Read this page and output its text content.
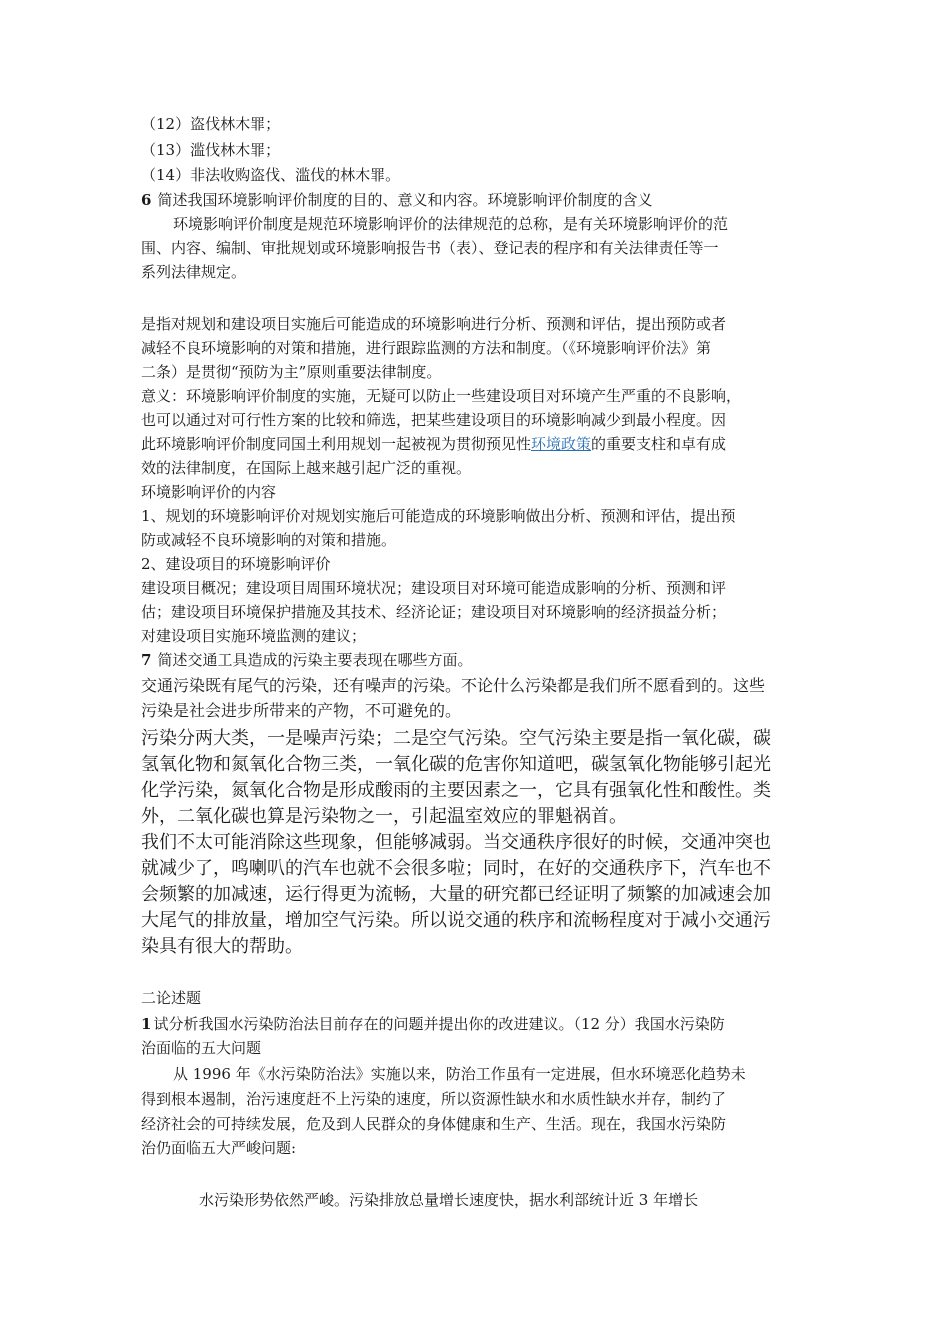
（12）盗伐林木罪；
（13）滥伐林木罪；
（14）非法收购盗伐、滥伐的林木罪。
6 简述我国环境影响评价制度的目的、意义和内容。环境影响评价制度的含义
环境影响评价制度是规范环境影响评价的法律规范的总称，是有关环境影响评价的范
围、内容、编制、审批规划或环境影响报告书（表）、登记表的程序和有关法律责任等一
系列法律规定。
是指对规划和建设项目实施后可能造成的环境影响进行分析、预测和评估，提出预防或者
减轻不良环境影响的对策和措施，进行跟踪监测的方法和制度。（《环境影响评价法》第
二条）是贯彻“预防为主”原则重要法律制度。
意义：环境影响评价制度的实施，无疑可以防止一些建设项目对环境产生严重的不良影响，
也可以通过对可行性方案的比较和筛选，把某些建设项目的环境影响减少到最小程度。因
此环境影响评价制度同国土利用规划一起被视为贯彻预见性环境政策的重要支柱和卓有成
效的法律制度，在国际上越来越引起广泛的重视。
环境影响评价的内容
1、规划的环境影响评价对规划实施后可能造成的环境影响做出分析、预测和评估，提出预
防或减轻不良环境影响的对策和措施。
2、建设项目的环境影响评价
建设项目概况；建设项目周围环境状况；建设项目对环境可能造成影响的分析、预测和评
估；建设项目环境保护措施及其技术、经济论证；建设项目对环境影响的经济损益分析；
对建设项目实施环境监测的建议；
7 简述交通工具造成的污染主要表现在哪些方面。
交通污染既有尾气的污染，还有噪声的污染。不论什么污染都是我们所不愿看到的。这些
污染是社会进步所带来的产物，不可避免的。
污染分两大类，一是噪声污染；二是空气污染。空气污染主要是指一氧化碳，碳
氢氧化物和氮氧化合物三类，一氧化碳的危害你知道吧，碳氢氧化物能够引起光
化学污染，氮氧化合物是形成酸雨的主要因素之一，它具有强氧化性和酸性。类
外，二氧化碳也算是污染物之一，引起温室效应的罪魁祸首。
我们不太可能消除这些现象，但能够减弱。当交通秩序很好的时候，交通冲突也
就减少了，鸣喇叭的汽车也就不会很多啦；同时，在好的交通秩序下，汽车也不
会频繁的加减速，运行得更为流畅，大量的研究都已经证明了频繁的加减速会加
大尾气的排放量，增加空气污染。所以说交通的秩序和流畅程度对于减小交通污
染具有很大的帮助。
二论述题
1 试分析我国水污染防治法目前存在的问题并提出你的改进建议。（12 分）我国水污染防
治面临的五大问题
从 1996 年《水污染防治法》实施以来，防治工作虽有一定进展，但水环境恶化趋势未
得到根本遏制，治污速度赶不上污染的速度，所以资源性缺水和水质性缺水并存，制约了
经济社会的可持续发展，危及到人民群众的身体健康和生产、生活。现在，我国水污染防
治仍面临五大严峻问题:
水污染形势依然严峻。污染排放总量增长速度快，据水利部统计近 3 年增长
